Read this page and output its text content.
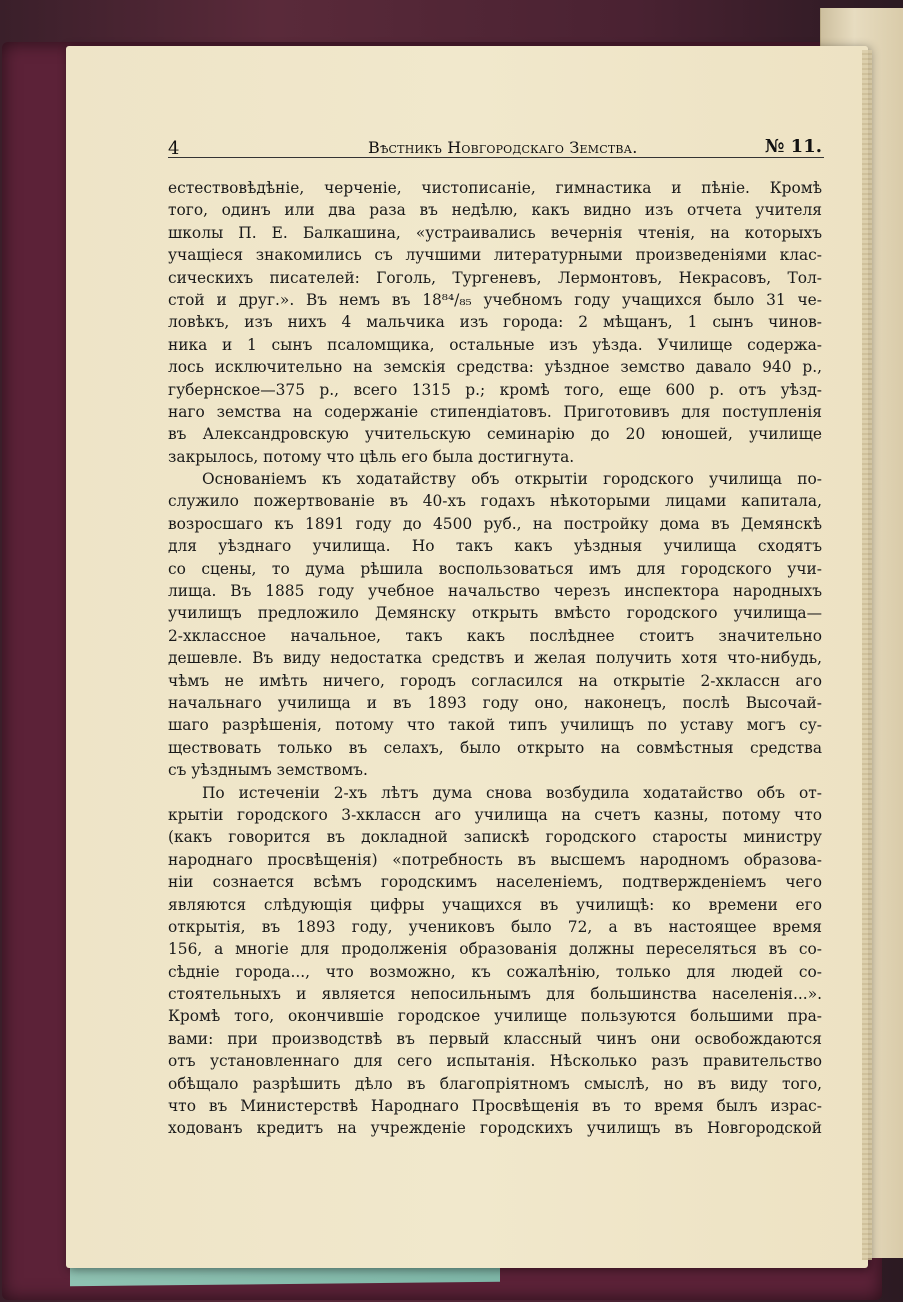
4	Вѣстникъ Новгородскаго Земства.	№ 11.
естествовѣдѣніе, черченіе, чистописаніе, гимнастика и пѣніе. Кромѣ
того, одинъ или два раза въ недѣлю, какъ видно изъ отчета учителя
школы П. Е. Балкашина, «устраивались вечернія чтенія, на которыхъ
учащіеся знакомились съ лучшими литературными произведеніями клас-
сическихъ писателей: Гоголь, Тургеневъ, Лермонтовъ, Некрасовъ, Тол-
стой и друг.». Въ немъ въ 18⁸⁴/₈₅ учебномъ году учащихся было 31 че-
ловѣкъ, изъ нихъ 4 мальчика изъ города: 2 мѣщанъ, 1 сынъ чинов-
ника и 1 сынъ псаломщика, остальные изъ уѣзда. Училище содержа-
лось исключительно на земскія средства: уѣздное земство давало 940 р.,
губернское—375 р., всего 1315 р.; кромѣ того, еще 600 р. отъ уѣзд-
наго земства на содержаніе стипендіатовъ. Приготовивъ для поступленія
въ Александровскую учительскую семинарію до 20 юношей, училище
закрылось, потому что цѣль его была достигнута.
Основаніемъ къ ходатайству объ открытіи городского училища по-
служило пожертвованіе въ 40-хъ годахъ нѣкоторыми лицами капитала,
возросшаго къ 1891 году до 4500 руб., на постройку дома въ Демянскѣ
для уѣзднаго училища. Но такъ какъ уѣздныя училища сходятъ
со сцены, то дума рѣшила воспользоваться имъ для городского учи-
лища. Въ 1885 году учебное начальство черезъ инспектора народныхъ
училищъ предложило Демянску открыть вмѣсто городского училища—
2-хклассное начальное, такъ какъ послѣднее стоитъ значительно
дешевле. Въ виду недостатка средствъ и желая получить хотя что-нибудь,
чѣмъ не имѣть ничего, городъ согласился на открытіе 2-хклассн аго
начальнаго училища и въ 1893 году оно, наконецъ, послѣ Высочай-
шаго разрѣшенія, потому что такой типъ училищъ по уставу могъ су-
ществовать только въ селахъ, было открыто на совмѣстныя средства
съ уѣзднымъ земствомъ.
По истеченіи 2-хъ лѣтъ дума снова возбудила ходатайство объ от-
крытіи городского 3-хклассн аго училища на счетъ казны, потому что
(какъ говорится въ докладной запискѣ городского старосты министру
народнаго просвѣщенія) «потребность въ высшемъ народномъ образова-
ніи сознается всѣмъ городскимъ населеніемъ, подтвержденіемъ чего
являются слѣдующія цифры учащихся въ училищѣ: ко времени его
открытія, въ 1893 году, учениковъ было 72, а въ настоящее время
156, а многіе для продолженія образованія должны переселяться въ со-
сѣдніе города..., что возможно, къ сожалѣнію, только для людей со-
стоятельныхъ и является непосильнымъ для большинства населенія...».
Кромѣ того, окончившіе городское училище пользуются большими пра-
вами: при производствѣ въ первый классный чинъ они освобождаются
отъ установленнаго для сего испытанія. Нѣсколько разъ правительство
обѣщало разрѣшить дѣло въ благопріятномъ смыслѣ, но въ виду того,
что въ Министерствѣ Народнаго Просвѣщенія въ то время былъ израс-
ходованъ кредитъ на учрежденіе городскихъ училищъ въ Новгородской
